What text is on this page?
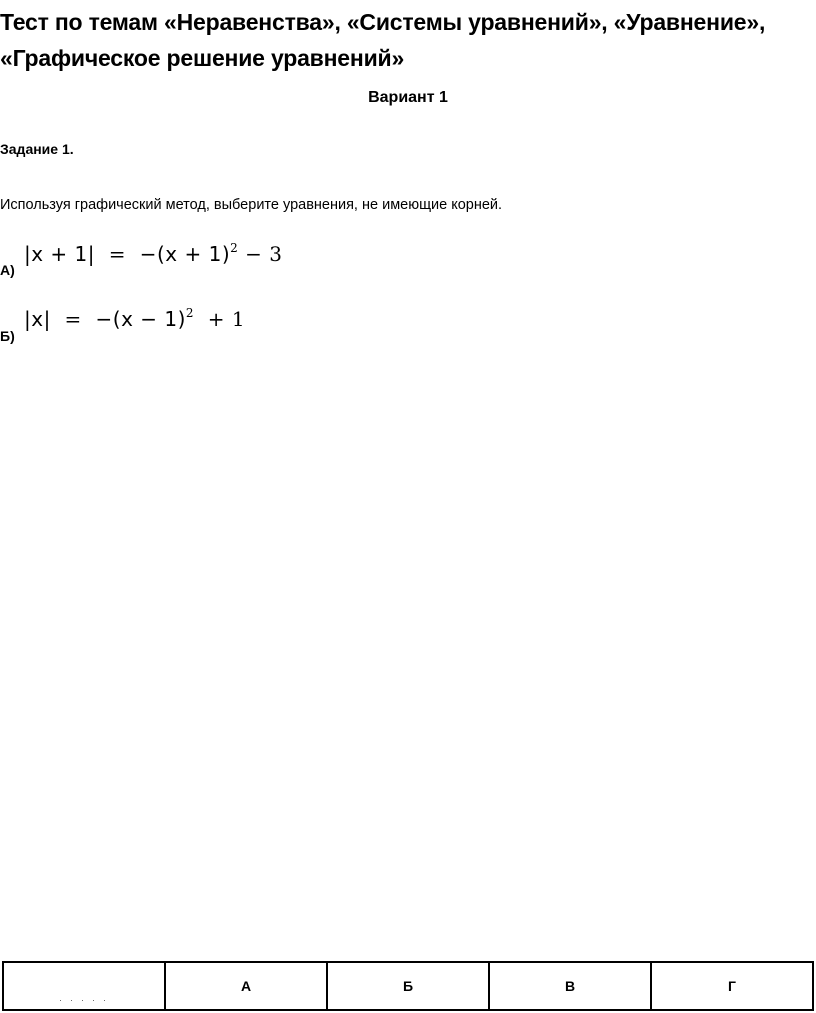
Тест по темам «Неравенства», «Системы уравнений», «Уравнение», «Графическое решение уравнений»
Вариант 1
Задание 1.
Используя графический метод, выберите уравнения, не имеющие корней.
А)
$|x + 1| = -(x + 1)^2 - 3$
Б)
$|x| = -(x - 1)^2 + 1$
. . . . .	А	Б	В	Г
